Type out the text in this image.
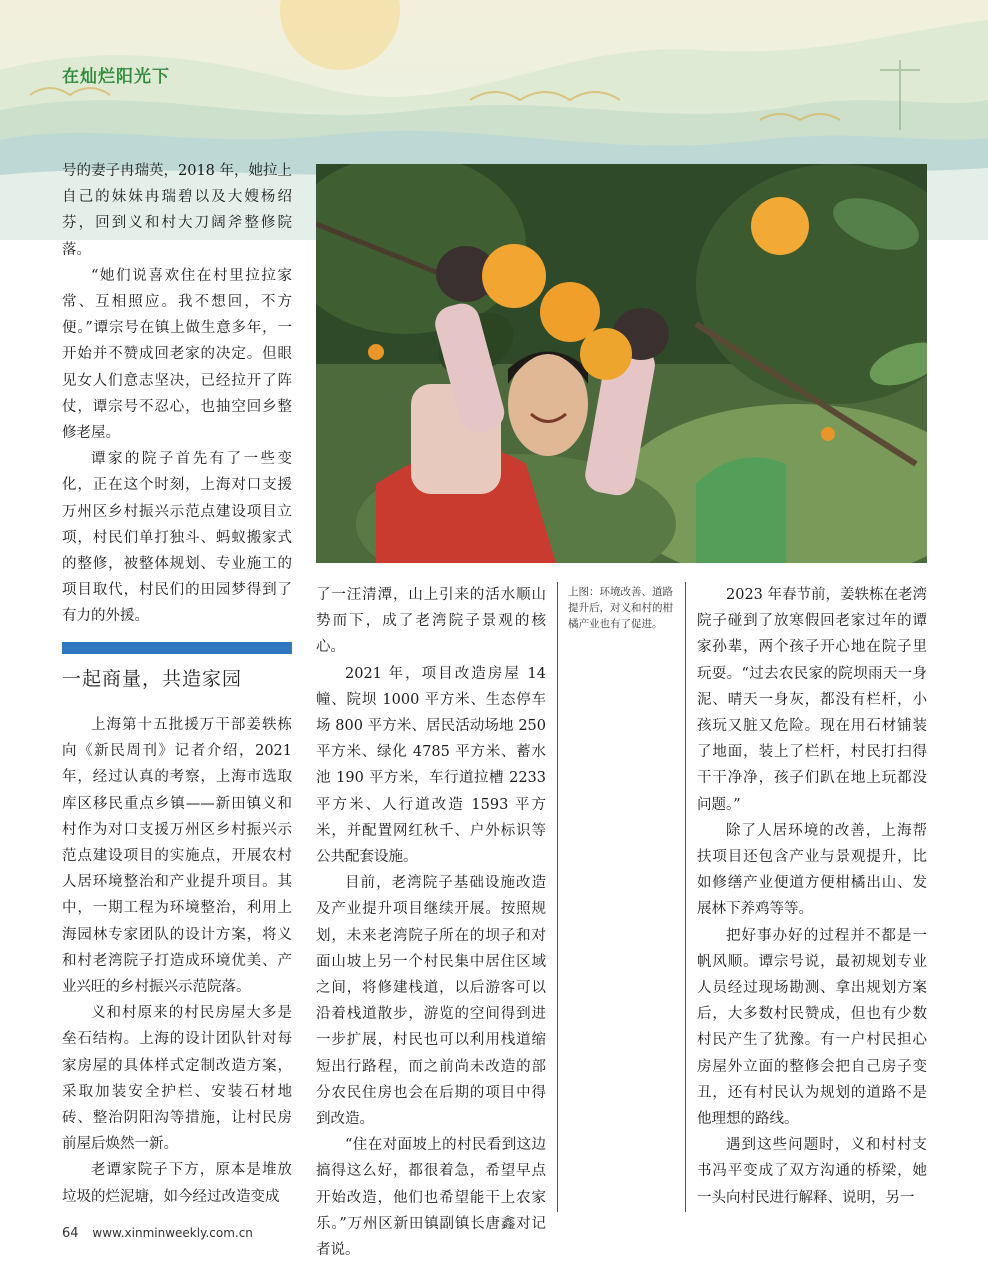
在灿烂阳光下

号的妻子冉瑞英，2018 年，她拉上自己的妹妹冉瑞碧以及大嫂杨绍芬，回到义和村大刀阔斧整修院落。

“她们说喜欢住在村里拉拉家常、互相照应。我不想回，不方便。”谭宗号在镇上做生意多年，一开始并不赞成回老家的决定。但眼见女人们意志坚决，已经拉开了阵仗，谭宗号不忍心，也抽空回乡整修老屋。

谭家的院子首先有了一些变化，正在这个时刻，上海对口支援万州区乡村振兴示范点建设项目立项，村民们单打独斗、蚂蚁搬家式的整修，被整体规划、专业施工的项目取代，村民们的田园梦得到了有力的外援。

一起商量，共造家园

上海第十五批援万干部姜轶栋向《新民周刊》记者介绍，2021 年，经过认真的考察，上海市选取库区移民重点乡镇——新田镇义和村作为对口支援万州区乡村振兴示范点建设项目的实施点，开展农村人居环境整治和产业提升项目。其中，一期工程为环境整治，利用上海园林专家团队的设计方案，将义和村老湾院子打造成环境优美、产业兴旺的乡村振兴示范院落。

义和村原来的村民房屋大多是垒石结构。上海的设计团队针对每家房屋的具体样式定制改造方案，采取加装安全护栏、安装石材地砖、整治阴阳沟等措施，让村民房前屋后焕然一新。

老谭家院子下方，原本是堆放垃圾的烂泥塘，如今经过改造变成

上图：环境改善、道路提升后，对义和村的柑橘产业也有了促进。

了一汪清潭，山上引来的活水顺山势而下，成了老湾院子景观的核心。

2021 年，项目改造房屋 14 幢、院坝 1000 平方米、生态停车场 800 平方米、居民活动场地 250 平方米、绿化 4785 平方米、蓄水池 190 平方米，车行道拉槽 2233 平方米、人行道改造 1593 平方米，并配置网红秋千、户外标识等公共配套设施。

目前，老湾院子基础设施改造及产业提升项目继续开展。按照规划，未来老湾院子所在的坝子和对面山坡上另一个村民集中居住区域之间，将修建栈道，以后游客可以沿着栈道散步，游览的空间得到进一步扩展，村民也可以利用栈道缩短出行路程，而之前尚未改造的部分农民住房也会在后期的项目中得到改造。

“住在对面坡上的村民看到这边搞得这么好，都很着急，希望早点开始改造，他们也希望能干上农家乐。”万州区新田镇副镇长唐鑫对记者说。

2023 年春节前，姜轶栋在老湾院子碰到了放寒假回老家过年的谭家孙辈，两个孩子开心地在院子里玩耍。“过去农民家的院坝雨天一身泥、晴天一身灰，都没有栏杆，小孩玩又脏又危险。现在用石材铺装了地面，装上了栏杆，村民打扫得干干净净，孩子们趴在地上玩都没问题。”

除了人居环境的改善，上海帮扶项目还包含产业与景观提升，比如修缮产业便道方便柑橘出山、发展林下养鸡等等。

把好事办好的过程并不都是一帆风顺。谭宗号说，最初规划专业人员经过现场勘测、拿出规划方案后，大多数村民赞成，但也有少数村民产生了犹豫。有一户村民担心房屋外立面的整修会把自己房子变丑，还有村民认为规划的道路不是他理想的路线。

遇到这些问题时，义和村村支书冯平变成了双方沟通的桥梁，她一头向村民进行解释、说明，另一

64 www.xinminweekly.com.cn
